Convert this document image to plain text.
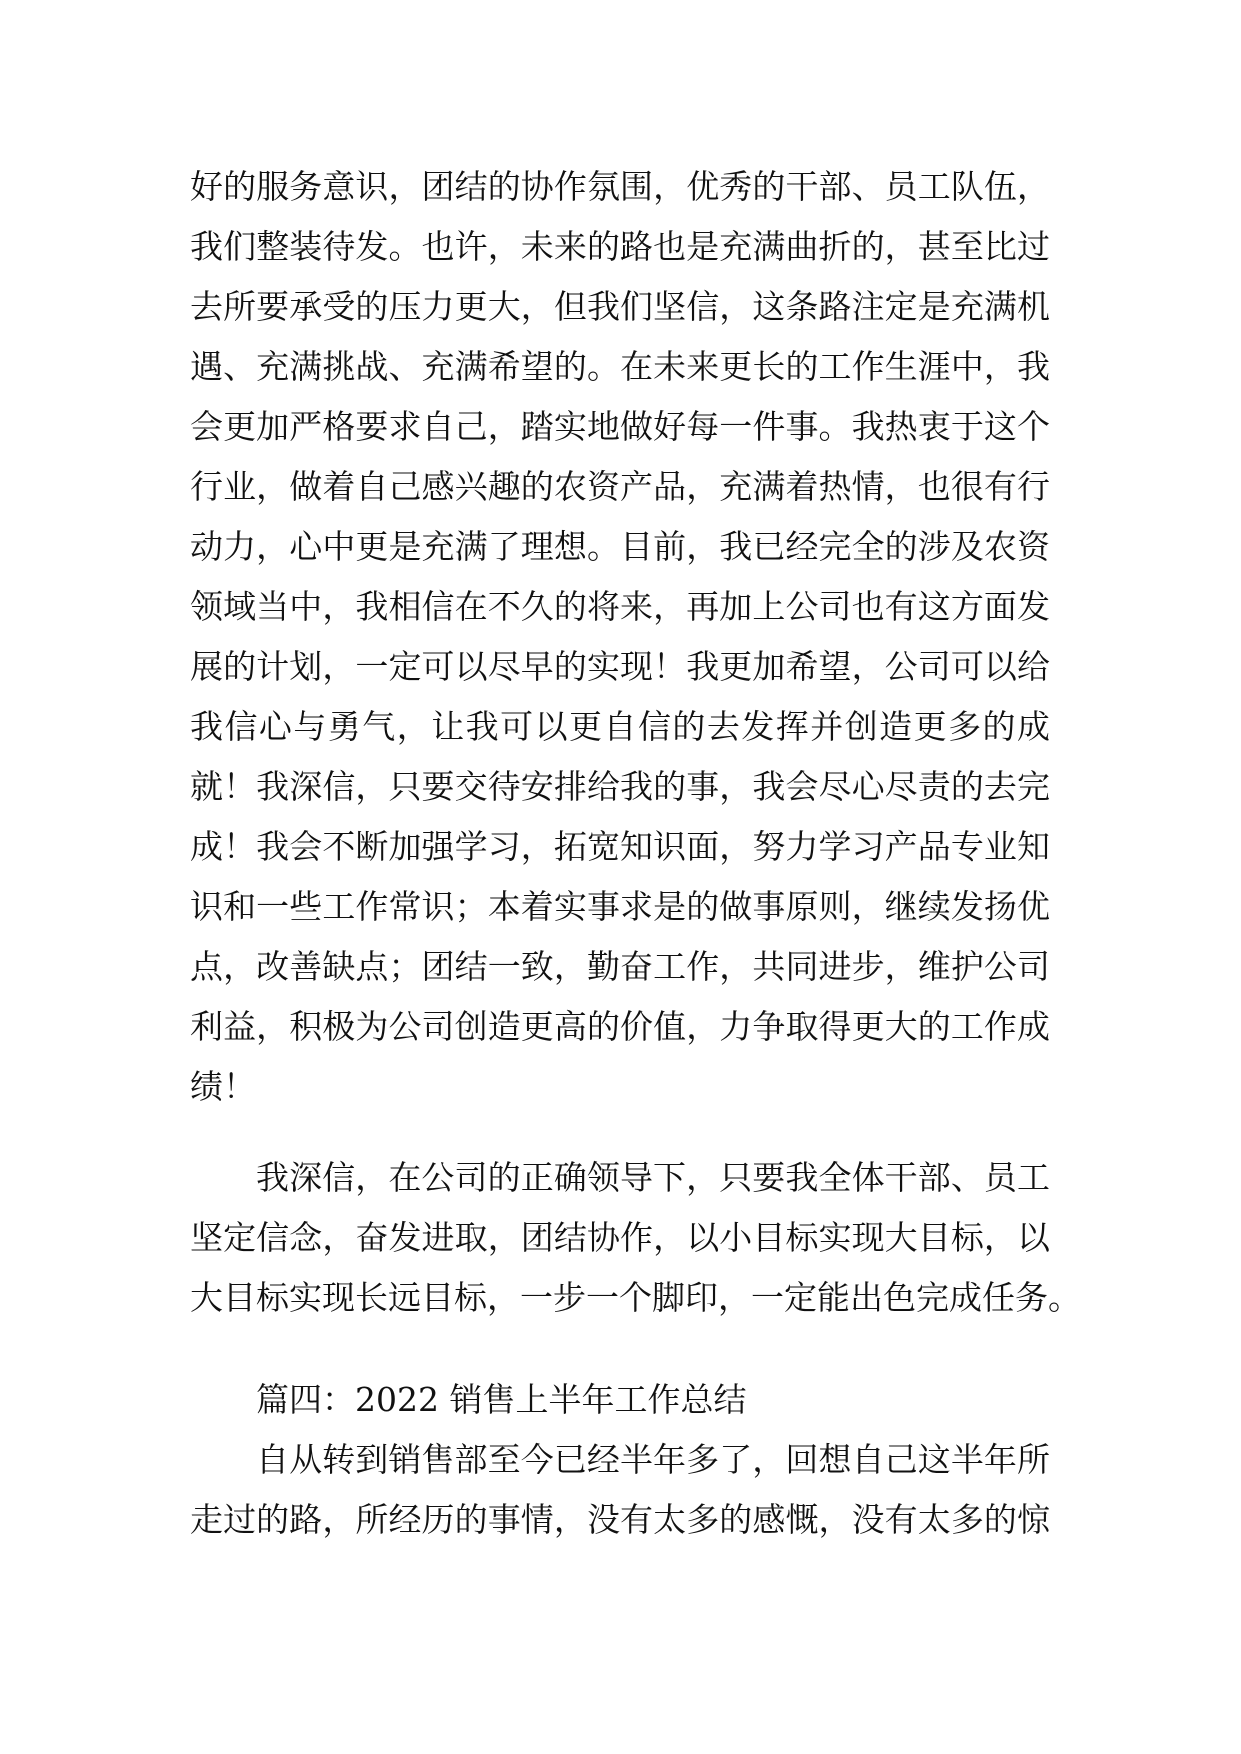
好的服务意识，团结的协作氛围，优秀的干部、员工队伍，
我们整装待发。也许，未来的路也是充满曲折的，甚至比过
去所要承受的压力更大，但我们坚信，这条路注定是充满机
遇、充满挑战、充满希望的。在未来更长的工作生涯中，我
会更加严格要求自己，踏实地做好每一件事。我热衷于这个
行业，做着自己感兴趣的农资产品，充满着热情，也很有行
动力，心中更是充满了理想。目前，我已经完全的涉及农资
领域当中，我相信在不久的将来，再加上公司也有这方面发
展的计划，一定可以尽早的实现！我更加希望，公司可以给
我信心与勇气，让我可以更自信的去发挥并创造更多的成
就！我深信，只要交待安排给我的事，我会尽心尽责的去完
成！我会不断加强学习，拓宽知识面，努力学习产品专业知
识和一些工作常识；本着实事求是的做事原则，继续发扬优
点，改善缺点；团结一致，勤奋工作，共同进步，维护公司
利益，积极为公司创造更高的价值，力争取得更大的工作成
绩！
我深信，在公司的正确领导下，只要我全体干部、员工
坚定信念，奋发进取，团结协作，以小目标实现大目标，以
大目标实现长远目标，一步一个脚印，一定能出色完成任务。
篇四：2022 销售上半年工作总结
自从转到销售部至今已经半年多了，回想自己这半年所
走过的路，所经历的事情，没有太多的感慨，没有太多的惊
